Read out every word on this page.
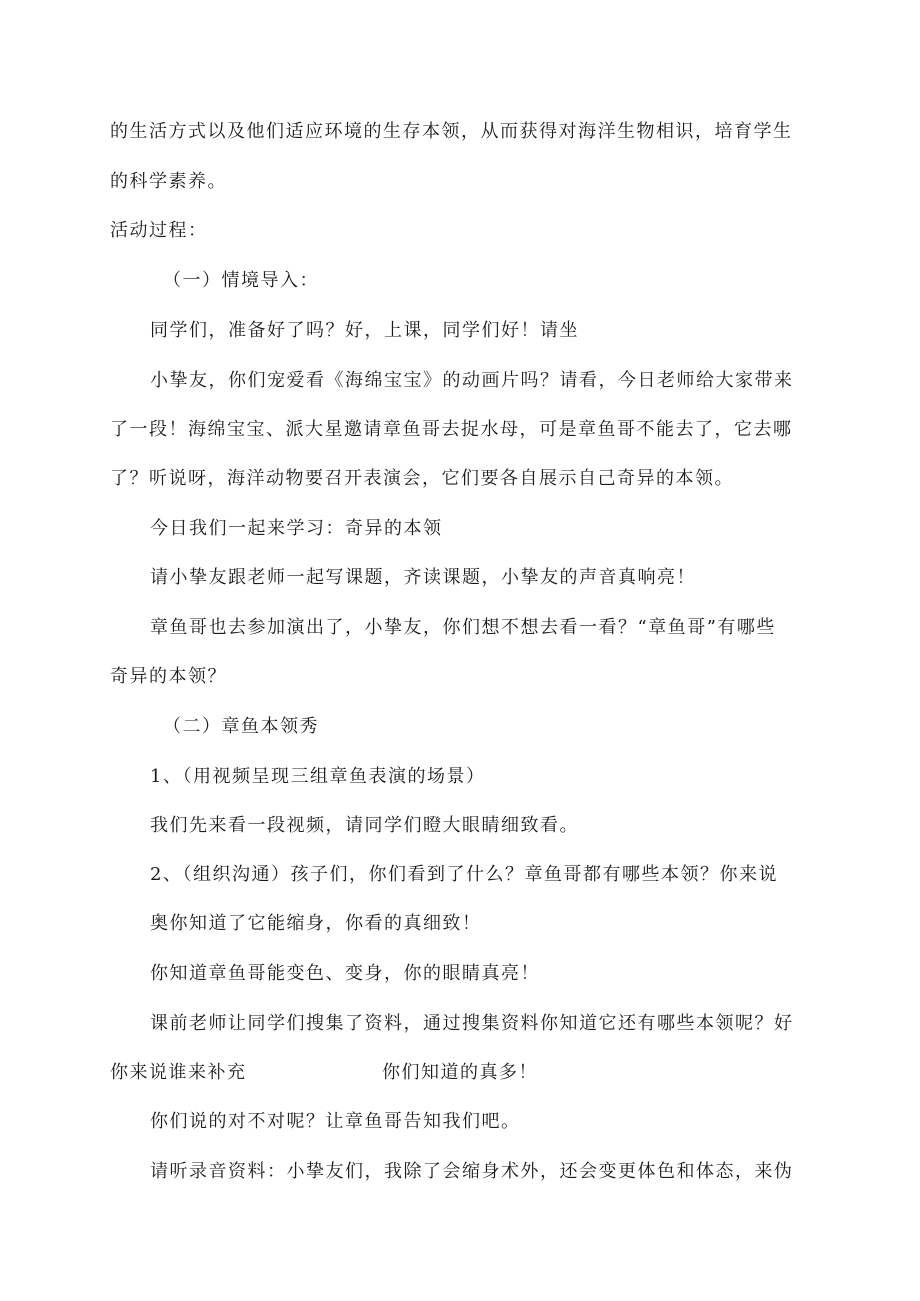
的生活方式以及他们适应环境的生存本领，从而获得对海洋生物相识，培育学生
的科学素养。
活动过程：
（一）情境导入：
同学们，准备好了吗？好，上课，同学们好！请坐
小挚友，你们宠爱看《海绵宝宝》的动画片吗？请看，今日老师给大家带来
了一段！海绵宝宝、派大星邀请章鱼哥去捉水母，可是章鱼哥不能去了，它去哪
了？听说呀，海洋动物要召开表演会，它们要各自展示自己奇异的本领。
今日我们一起来学习：奇异的本领
请小挚友跟老师一起写课题，齐读课题，小挚友的声音真响亮！
章鱼哥也去参加演出了，小挚友，你们想不想去看一看？“章鱼哥”有哪些
奇异的本领？
（二）章鱼本领秀
1、（用视频呈现三组章鱼表演的场景）
我们先来看一段视频，请同学们瞪大眼睛细致看。
2、（组织沟通）孩子们，你们看到了什么？章鱼哥都有哪些本领？你来说
奥你知道了它能缩身，你看的真细致！
你知道章鱼哥能变色、变身，你的眼睛真亮！
课前老师让同学们搜集了资料，通过搜集资料你知道它还有哪些本领呢？好
你来说谁来补充	你们知道的真多！
你们说的对不对呢？让章鱼哥告知我们吧。
请听录音资料：小挚友们，我除了会缩身术外，还会变更体色和体态，来伪
